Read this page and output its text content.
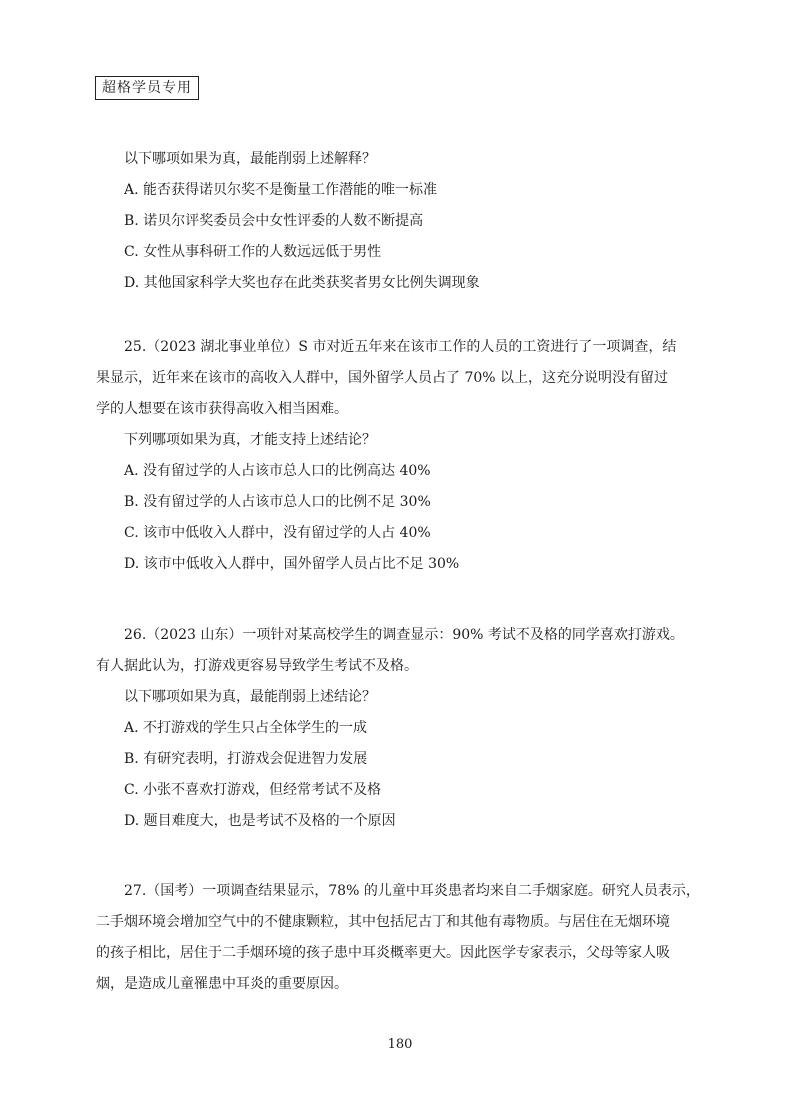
超格学员专用
以下哪项如果为真，最能削弱上述解释？
A. 能否获得诺贝尔奖不是衡量工作潜能的唯一标准
B. 诺贝尔评奖委员会中女性评委的人数不断提高
C. 女性从事科研工作的人数远远低于男性
D. 其他国家科学大奖也存在此类获奖者男女比例失调现象
25.（2023 湖北事业单位）S 市对近五年来在该市工作的人员的工资进行了一项调查，结
果显示，近年来在该市的高收入人群中，国外留学人员占了 70% 以上，这充分说明没有留过
学的人想要在该市获得高收入相当困难。
下列哪项如果为真，才能支持上述结论？
A. 没有留过学的人占该市总人口的比例高达 40%
B. 没有留过学的人占该市总人口的比例不足 30%
C. 该市中低收入人群中，没有留过学的人占 40%
D. 该市中低收入人群中，国外留学人员占比不足 30%
26.（2023 山东）一项针对某高校学生的调查显示：90% 考试不及格的同学喜欢打游戏。
有人据此认为，打游戏更容易导致学生考试不及格。
以下哪项如果为真，最能削弱上述结论？
A. 不打游戏的学生只占全体学生的一成
B. 有研究表明，打游戏会促进智力发展
C. 小张不喜欢打游戏，但经常考试不及格
D. 题目难度大，也是考试不及格的一个原因
27.（国考）一项调查结果显示，78% 的儿童中耳炎患者均来自二手烟家庭。研究人员表示，
二手烟环境会增加空气中的不健康颗粒，其中包括尼古丁和其他有毒物质。与居住在无烟环境
的孩子相比，居住于二手烟环境的孩子患中耳炎概率更大。因此医学专家表示，父母等家人吸
烟，是造成儿童罹患中耳炎的重要原因。
180
